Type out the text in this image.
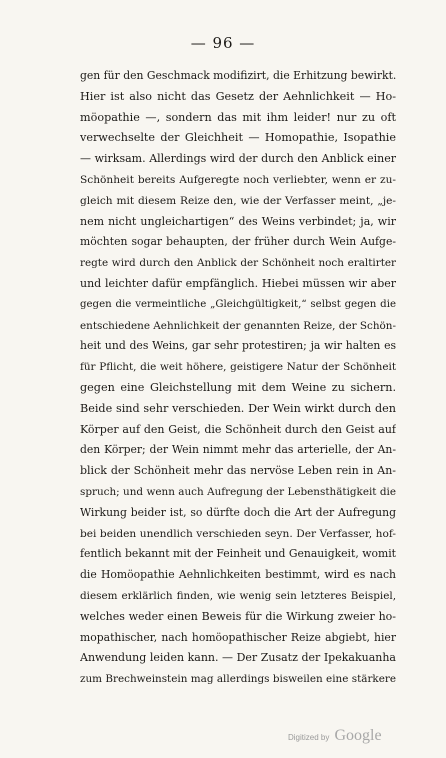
— 96 —
gen für den Geschmack modifizirt, die Erhitzung bewirkt.
Hier ist also nicht das Gesetz der Aehnlichkeit — Ho-
möopathie —, sondern das mit ihm leider! nur zu oft
verwechselte der Gleichheit — Homopathie, Isopathie
— wirksam. Allerdings wird der durch den Anblick einer
Schönheit bereits Aufgeregte noch verliebter, wenn er zu-
gleich mit diesem Reize den, wie der Verfasser meint, „je-
nem nicht ungleichartigen“ des Weins verbindet; ja, wir
möchten sogar behaupten, der früher durch Wein Aufge-
regte wird durch den Anblick der Schönheit noch eraltirter
und leichter dafür empfänglich. Hiebei müssen wir aber
gegen die vermeintliche „Gleichgültigkeit,“ selbst gegen die
entschiedene Aehnlichkeit der genannten Reize, der Schön-
heit und des Weins, gar sehr protestiren; ja wir halten es
für Pflicht, die weit höhere, geistigere Natur der Schönheit
gegen eine Gleichstellung mit dem Weine zu sichern.
Beide sind sehr verschieden. Der Wein wirkt durch den
Körper auf den Geist, die Schönheit durch den Geist auf
den Körper; der Wein nimmt mehr das arterielle, der An-
blick der Schönheit mehr das nervöse Leben rein in An-
spruch; und wenn auch Aufregung der Lebensthätigkeit die
Wirkung beider ist, so dürfte doch die Art der Aufregung
bei beiden unendlich verschieden seyn. Der Verfasser, hof-
fentlich bekannt mit der Feinheit und Genauigkeit, womit
die Homöopathie Aehnlichkeiten bestimmt, wird es nach
diesem erklärlich finden, wie wenig sein letzteres Beispiel,
welches weder einen Beweis für die Wirkung zweier ho-
mopathischer, nach homöopathischer Reize abgiebt, hier
Anwendung leiden kann. — Der Zusatz der Ipekakuanha
zum Brechweinstein mag allerdings bisweilen eine stärkere
Digitized by Google
